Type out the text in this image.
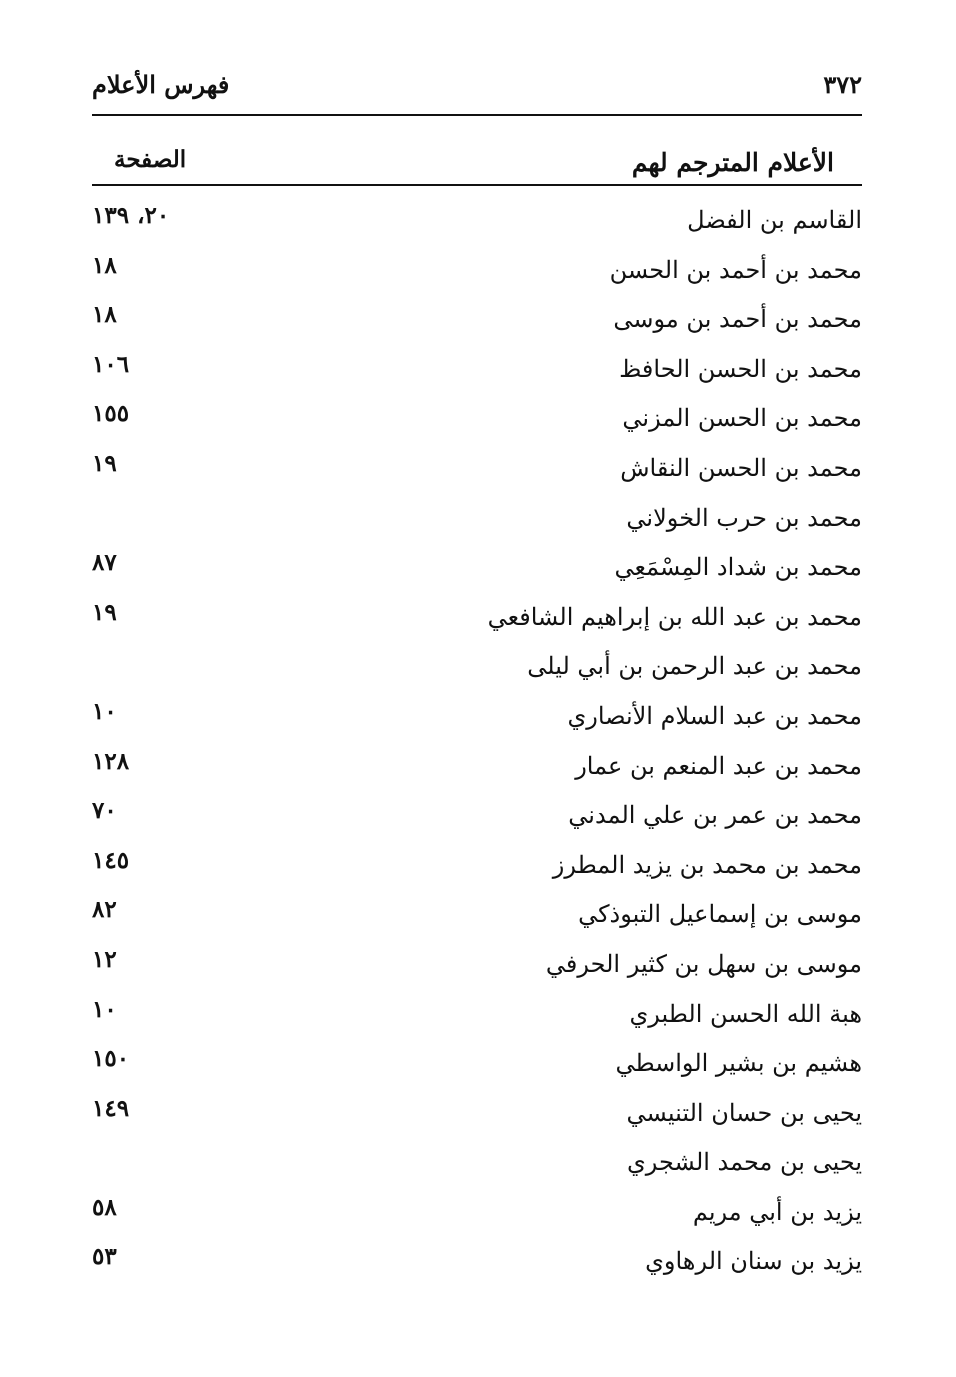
٣٧٢
فهرس الأعلام
الأعلام المترجم لهم
الصفحة
القاسم بن الفضل
٢٠، ١٣٩
محمد بن أحمد بن الحسن
١٨
محمد بن أحمد بن موسى
١٨
محمد بن الحسن الحافظ
١٠٦
محمد بن الحسن المزني
١٥٥
محمد بن الحسن النقاش
١٩
محمد بن حرب الخولاني
محمد بن شداد المِسْمَعِي
٨٧
محمد بن عبد الله بن إبراهيم الشافعي
١٩
محمد بن عبد الرحمن بن أبي ليلى
محمد بن عبد السلام الأنصاري
١٠
محمد بن عبد المنعم بن عمار
١٢٨
محمد بن عمر بن علي المدني
٧٠
محمد بن محمد بن يزيد المطرز
١٤٥
موسى بن إسماعيل التبوذكي
٨٢
موسى بن سهل بن كثير الحرفي
١٢
هبة الله الحسن الطبري
١٠
هشيم بن بشير الواسطي
١٥٠
يحيى بن حسان التنيسي
١٤٩
يحيى بن محمد الشجري
يزيد بن أبي مريم
٥٨
يزيد بن سنان الرهاوي
٥٣
